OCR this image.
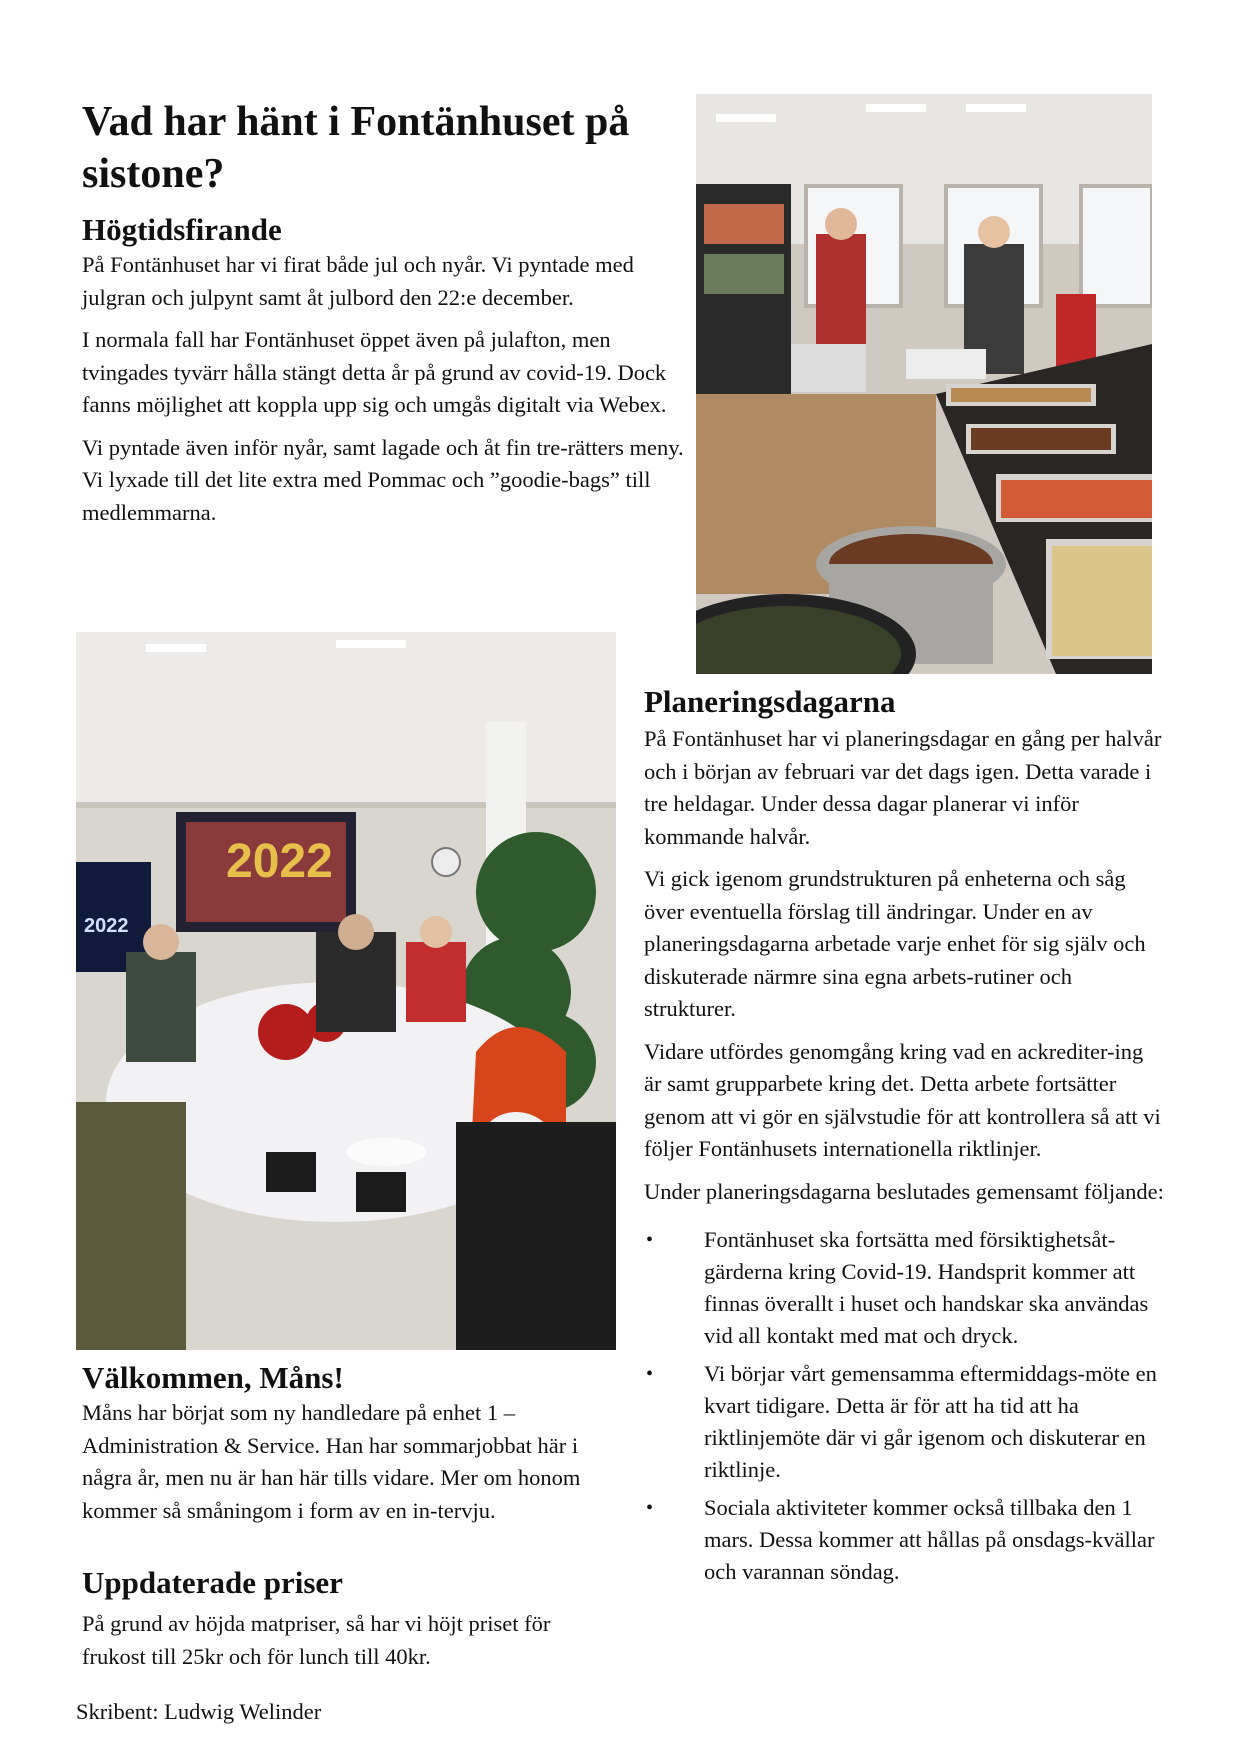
Vad har hänt i Fontänhuset på sistone?
Högtidsfirande

På Fontänhuset har vi firat både jul och nyår. Vi pyntade med julgran och julpynt samt åt julbord den 22:e december.

I normala fall har Fontänhuset öppet även på julafton, men tvingades tyvärr hålla stängt detta år på grund av covid-19. Dock fanns möjlighet att koppla upp sig och umgås digitalt via Webex.

Vi pyntade även inför nyår, samt lagade och åt fin tre-rätters meny. Vi lyxade till det lite extra med Pommac och ”goodie-bags” till medlemmarna.

2022
2022
Planeringsdagarna

På Fontänhuset har vi planeringsdagar en gång per halvår och i början av februari var det dags igen. Detta varade i tre heldagar. Under dessa dagar planerar vi inför kommande halvår.

Vi gick igenom grundstrukturen på enheterna och såg över eventuella förslag till ändringar. Under en av planeringsdagarna arbetade varje enhet för sig själv och diskuterade närmre sina egna arbets-rutiner och strukturer.

Vidare utfördes genomgång kring vad en ackrediter-ing är samt grupparbete kring det. Detta arbete fortsätter genom att vi gör en självstudie för att kontrollera så att vi följer Fontänhusets internationella riktlinjer.

Under planeringsdagarna beslutades gemensamt följande:

• Fontänhuset ska fortsätta med försiktighetsåt-gärderna kring Covid-19. Handsprit kommer att finnas överallt i huset och handskar ska användas vid all kontakt med mat och dryck.
• Vi börjar vårt gemensamma eftermiddags-möte en kvart tidigare. Detta är för att ha tid att ha riktlinjemöte där vi går igenom och diskuterar en riktlinje.
• Sociala aktiviteter kommer också tillbaka den 1 mars. Dessa kommer att hållas på onsdags-kvällar och varannan söndag.
Välkommen, Måns!

Måns har börjat som ny handledare på enhet 1 – Administration & Service. Han har sommarjobbat här i några år, men nu är han här tills vidare. Mer om honom kommer så småningom i form av en in-tervju.

Uppdaterade priser

På grund av höjda matpriser, så har vi höjt priset för frukost till 25kr och för lunch till 40kr.

Skribent: Ludwig Welinder
